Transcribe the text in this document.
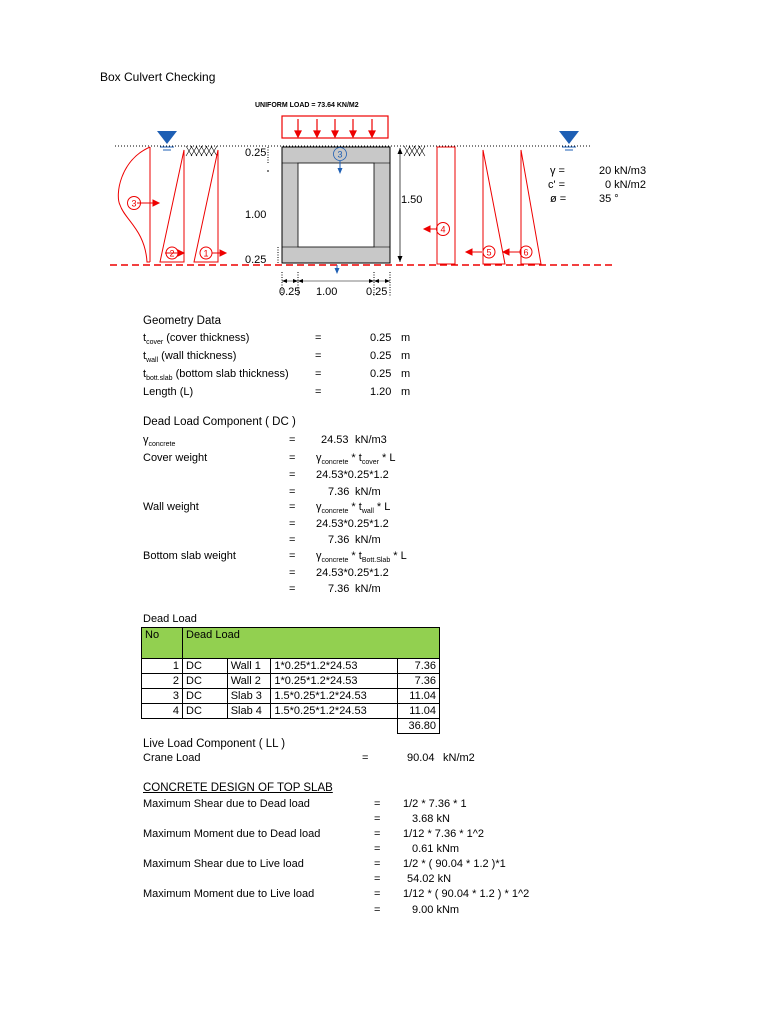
Box Culvert Checking
UNIFORM LOAD = 73.64 KN/M2
3
0.25
1.00
0.25
1.50
0.25 1.00	0.25
3
2	1
4
5	6
γ =	20 kN/m3
c' =	0 kN/m2
ø =	35 °
Geometry Data
$t_{cover}$ (cover thickness)	=	0.25 m
$t_{wall}$ (wall thickness)	=	0.25 m
$t_{bott.slab}$ (bottom slab thickness) =	0.25 m
Length (L)	=	1.20 m
Dead Load Component ( DC )
$\gamma_{concrete}$	= 24.53 kN/m3
Cover weight	= $\gamma_{concrete} * t_{cover}$ * L
= 24.53*0.25*1.2
=	7.36 kN/m
Wall weight	= $\gamma_{concrete} * t_{wall}$ * L
= 24.53*0.25*1.2
=	7.36 kN/m
Bottom slab weight	= $\gamma_{concrete} * t_{Bott.Slab}$ * L
= 24.53*0.25*1.2
=	7.36 kN/m
Dead Load
No	Dead Load			
1	DC	Wall 1	1*0.25*1.2*24.53	7.36
2	DC	Wall 2	1*0.25*1.2*24.53	7.36
3	DC	Slab 3	1.5*0.25*1.2*24.53	11.04
4	DC	Slab 4	1.5*0.25*1.2*24.53	11.04
				36.80
Live Load Component ( LL )
Crane Load	=	90.04 kN/m2
CONCRETE DESIGN OF TOP SLAB
Maximum Shear due to Dead load	= 1/2 * 7.36 * 1
=	3.68 kN
Maximum Moment due to Dead load	= 1/12 * 7.36 * 1^2
=	0.61 kNm
Maximum Shear due to Live load	= 1/2 * ( 90.04 * 1.2 )*1
= 54.02 kN
Maximum Moment due to Live load	= 1/12 * ( 90.04 * 1.2 ) * 1^2
=	9.00 kNm
